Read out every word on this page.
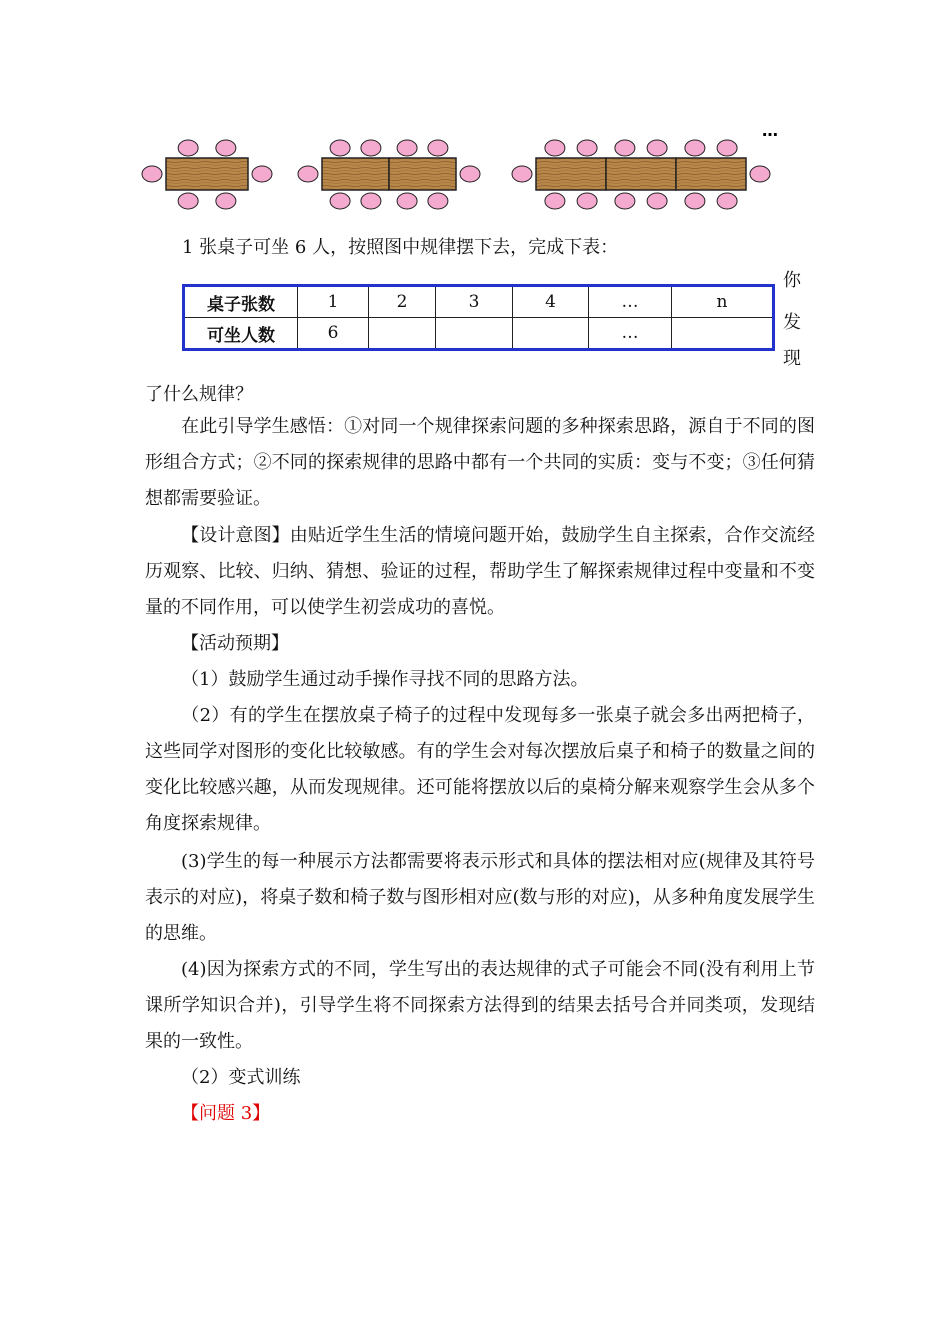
…
1 张桌子可坐 6 人，按照图中规律摆下去，完成下表：
桌子张数	1	2	3	4	…	n
可坐人数	6				…	
你
发
现
了什么规律？
在此引导学生感悟：①对同一个规律探索问题的多种探索思路，源自于不同的图形组合方式；②不同的探索规律的思路中都有一个共同的实质：变与不变；③任何猜想都需要验证。
【设计意图】由贴近学生生活的情境问题开始，鼓励学生自主探索，合作交流经历观察、比较、归纳、猜想、验证的过程，帮助学生了解探索规律过程中变量和不变量的不同作用，可以使学生初尝成功的喜悦。
【活动预期】
（1）鼓励学生通过动手操作寻找不同的思路方法。
（2）有的学生在摆放桌子椅子的过程中发现每多一张桌子就会多出两把椅子，这些同学对图形的变化比较敏感。有的学生会对每次摆放后桌子和椅子的数量之间的变化比较感兴趣，从而发现规律。还可能将摆放以后的桌椅分解来观察学生会从多个角度探索规律。
(3)学生的每一种展示方法都需要将表示形式和具体的摆法相对应(规律及其符号表示的对应)，将桌子数和椅子数与图形相对应(数与形的对应)，从多种角度发展学生的思维。
(4)因为探索方式的不同，学生写出的表达规律的式子可能会不同(没有利用上节课所学知识合并)，引导学生将不同探索方法得到的结果去括号合并同类项，发现结果的一致性。
（2）变式训练
【问题 3】
